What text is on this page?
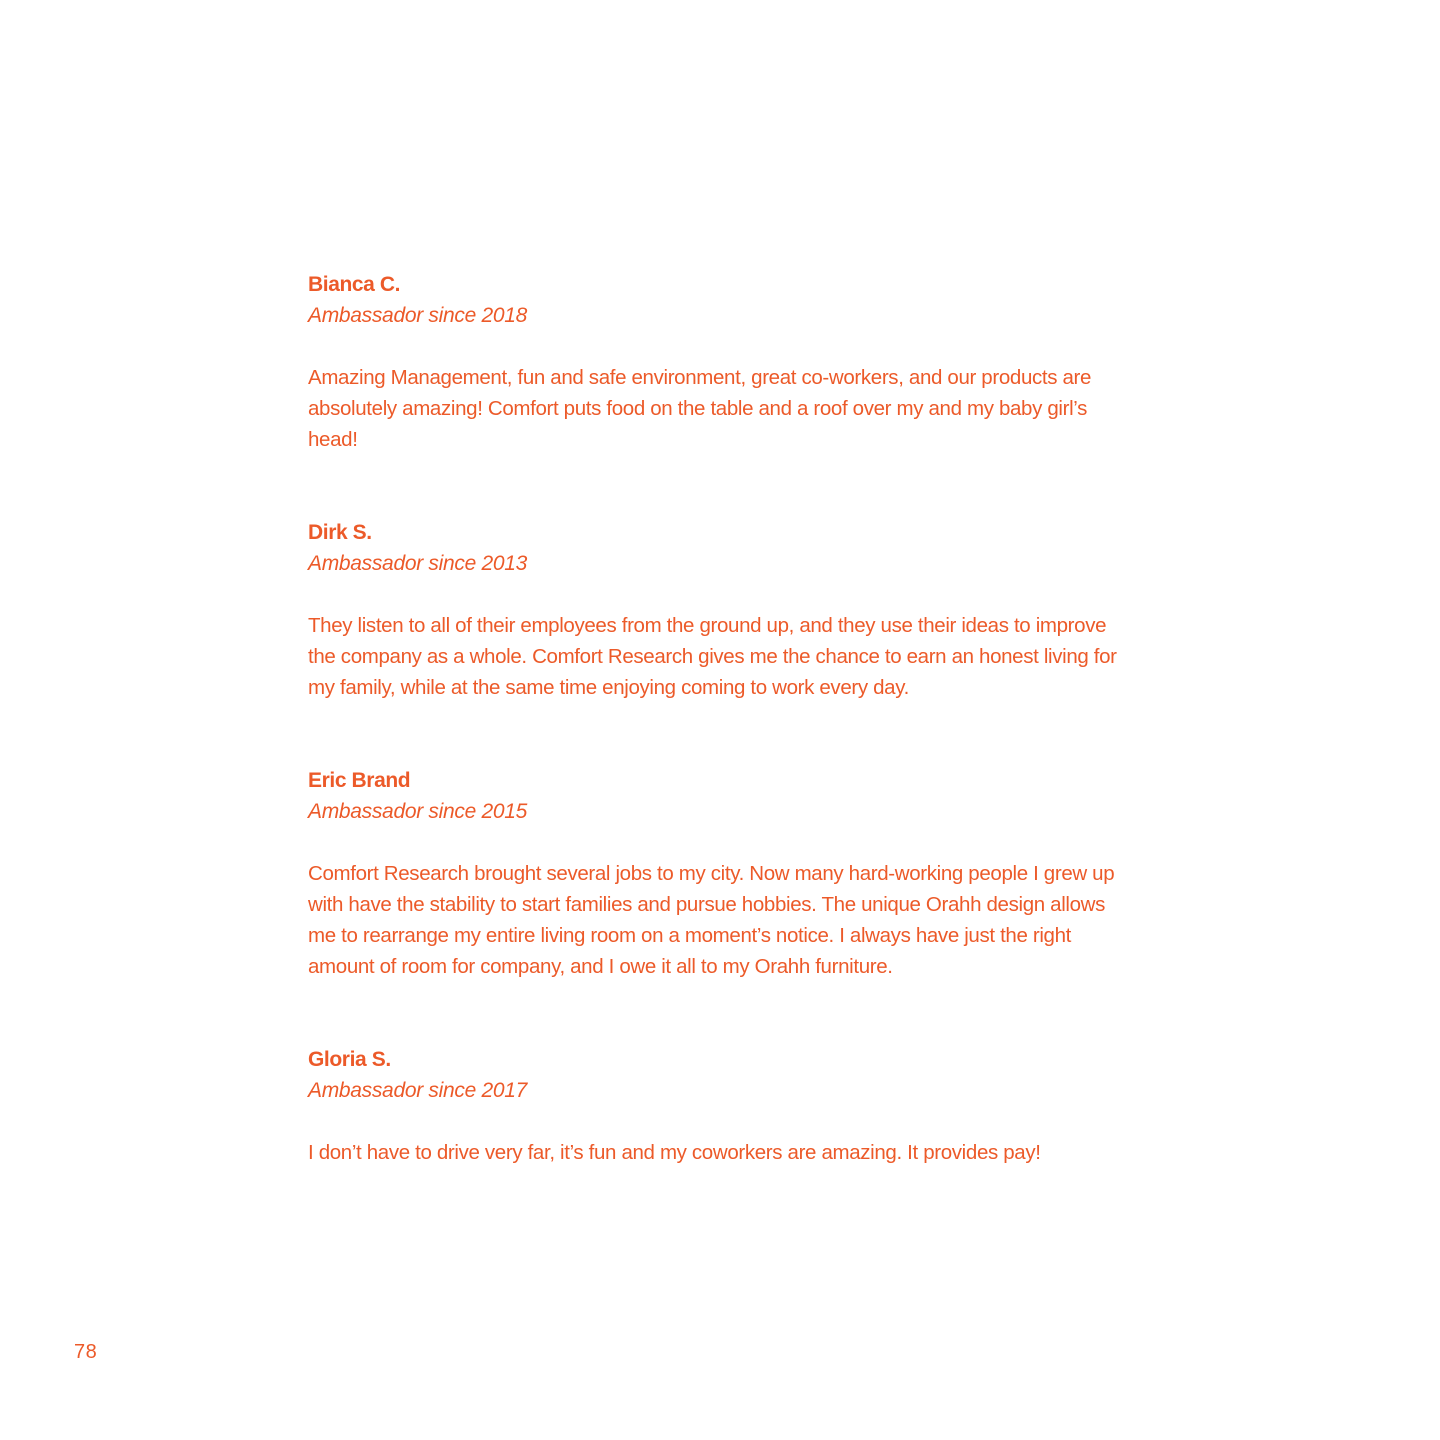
Bianca C.

Ambassador since 2018

Amazing Management, fun and safe environment, great co-workers, and our products are absolutely amazing! Comfort puts food on the table and a roof over my and my baby girl’s head!

Dirk S.

Ambassador since 2013

They listen to all of their employees from the ground up, and they use their ideas to improve the company as a whole. Comfort Research gives me the chance to earn an honest living for my family, while at the same time enjoying coming to work every day.

Eric Brand

Ambassador since 2015

Comfort Research brought several jobs to my city. Now many hard-working people I grew up with have the stability to start families and pursue hobbies. The unique Orahh design allows me to rearrange my entire living room on a moment’s notice. I always have just the right amount of room for company, and I owe it all to my Orahh furniture.

Gloria S.

Ambassador since 2017

I don’t have to drive very far, it’s fun and my coworkers are amazing. It provides pay!

78
